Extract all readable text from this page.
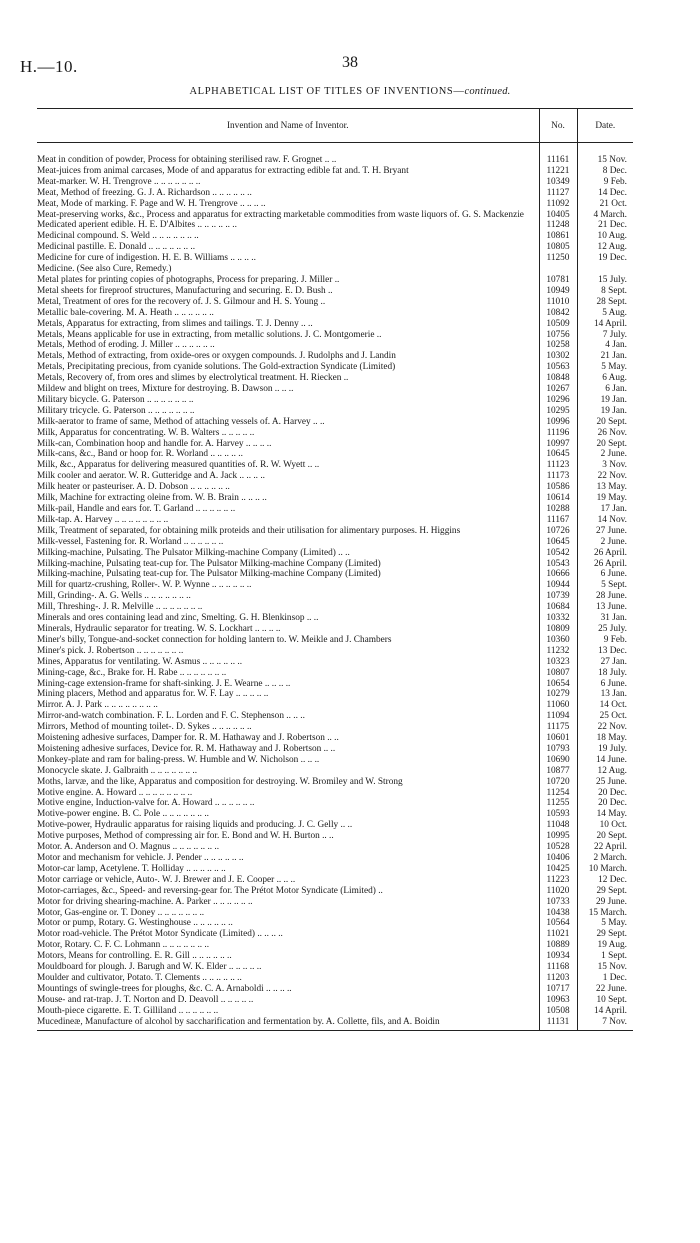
H.—10.	38
ALPHABETICAL LIST OF TITLES OF INVENTIONS—continued.
Invention and Name of Inventor.	No.	Date.

Meat in condition of powder, Process for obtaining sterilised raw. F. Grognet .. ..	11161	15 Nov.
Meat-juices from animal carcases, Mode of and apparatus for extracting edible fat and. T. H. Bryant	11221	8 Dec.
Meat-marker. W. H. Trengrove .. .. .. .. .. .. ..	10349	9 Feb.
Meat, Method of freezing. G. J. A. Richardson .. .. .. .. .. ..	11127	14 Dec.
Meat, Mode of marking. F. Page and W. H. Trengrove .. .. .. ..	11092	21 Oct.
Meat-preserving works, &c., Process and apparatus for extracting marketable commodities from waste liquors of. G. S. Mackenzie	10405	4 March.
Medicated aperient edible. H. E. D'Albites .. .. .. .. .. ..	11248	21 Dec.
Medicinal compound. S. Weld .. .. .. .. .. .. ..	10861	10 Aug.
Medicinal pastille. E. Donald .. .. .. .. .. .. ..	10805	12 Aug.
Medicine for cure of indigestion. H. E. B. Williams .. .. .. ..	11250	19 Dec.
Medicine. (See also Cure, Remedy.)		
Metal plates for printing copies of photographs, Process for preparing. J. Miller ..	10781	15 July.
Metal sheets for fireproof structures, Manufacturing and securing. E. D. Bush ..	10949	8 Sept.
Metal, Treatment of ores for the recovery of. J. S. Gilmour and H. S. Young ..	11010	28 Sept.
Metallic bale-covering. M. A. Heath .. .. .. .. .. ..	10842	5 Aug.
Metals, Apparatus for extracting, from slimes and tailings. T. J. Denny .. ..	10509	14 April.
Metals, Means applicable for use in extracting, from metallic solutions. J. C. Montgomerie ..	10756	7 July.
Metals, Method of eroding. J. Miller .. .. .. .. .. ..	10258	4 Jan.
Metals, Method of extracting, from oxide-ores or oxygen compounds. J. Rudolphs and J. Landin	10302	21 Jan.
Metals, Precipitating precious, from cyanide solutions. The Gold-extraction Syndicate (Limited)	10563	5 May.
Metals, Recovery of, from ores and slimes by electrolytical treatment. H. Riecken ..	10848	6 Aug.
Mildew and blight on trees, Mixture for destroying. B. Dawson .. .. ..	10267	6 Jan.
Military bicycle. G. Paterson .. .. .. .. .. .. ..	10296	19 Jan.
Military tricycle. G. Paterson .. .. .. .. .. .. ..	10295	19 Jan.
Milk-aerator to frame of same, Method of attaching vessels of. A. Harvey .. ..	10996	20 Sept.
Milk, Apparatus for concentrating. W. B. Walters .. .. .. .. ..	11196	26 Nov.
Milk-can, Combination hoop and handle for. A. Harvey .. .. .. ..	10997	20 Sept.
Milk-cans, &c., Band or hoop for. R. Worland .. .. .. .. ..	10645	2 June.
Milk, &c., Apparatus for delivering measured quantities of. R. W. Wyett .. ..	11123	3 Nov.
Milk cooler and aerator. W. R. Gutteridge and A. Jack .. .. .. ..	11173	22 Nov.
Milk heater or pasteuriser. A. D. Dobson .. .. .. .. .. ..	10586	13 May.
Milk, Machine for extracting oleine from. W. B. Brain .. .. .. ..	10614	19 May.
Milk-pail, Handle and ears for. T. Garland .. .. .. .. .. ..	10288	17 Jan.
Milk-tap. A. Harvey .. .. .. .. .. .. .. ..	11167	14 Nov.
Milk, Treatment of separated, for obtaining milk proteids and their utilisation for alimentary purposes. H. Higgins	10726	27 June.
Milk-vessel, Fastening for. R. Worland .. .. .. .. .. ..	10645	2 June.
Milking-machine, Pulsating. The Pulsator Milking-machine Company (Limited) .. ..	10542	26 April.
Milking-machine, Pulsating teat-cup for. The Pulsator Milking-machine Company (Limited)	10543	26 April.
Milking-machine, Pulsating teat-cup for. The Pulsator Milking-machine Company (Limited)	10666	6 June.
Mill for quartz-crushing, Roller-. W. P. Wynne .. .. .. .. .. ..	10944	5 Sept.
Mill, Grinding-. A. G. Wells .. .. .. .. .. .. ..	10739	28 June.
Mill, Threshing-. J. R. Melville .. .. .. .. .. .. ..	10684	13 June.
Minerals and ores containing lead and zinc, Smelting. G. H. Blenkinsop .. ..	10332	31 Jan.
Minerals, Hydraulic separator for treating. W. S. Lockhart .. .. .. ..	10809	25 July.
Miner's billy, Tongue-and-socket connection for holding lantern to. W. Meikle and J. Chambers	10360	9 Feb.
Miner's pick. J. Robertson .. .. .. .. .. .. ..	11232	13 Dec.
Mines, Apparatus for ventilating. W. Asmus .. .. .. .. .. ..	10323	27 Jan.
Mining-cage, &c., Brake for. H. Rabe .. .. .. .. .. .. ..	10807	18 July.
Mining-cage extension-frame for shaft-sinking. J. E. Wearne .. .. .. ..	10654	6 June.
Mining placers, Method and apparatus for. W. F. Lay .. .. .. .. ..	10279	13 Jan.
Mirror. A. J. Park .. .. .. .. .. .. .. ..	11060	14 Oct.
Mirror-and-watch combination. F. L. Lorden and F. C. Stephenson .. .. ..	11094	25 Oct.
Mirrors, Method of mounting toilet-. D. Sykes .. .. .. .. .. ..	11175	22 Nov.
Moistening adhesive surfaces, Damper for. R. M. Hathaway and J. Robertson .. ..	10601	18 May.
Moistening adhesive surfaces, Device for. R. M. Hathaway and J. Robertson .. ..	10793	19 July.
Monkey-plate and ram for baling-press. W. Humble and W. Nicholson .. .. ..	10690	14 June.
Monocycle skate. J. Galbraith .. .. .. .. .. .. ..	10877	12 Aug.
Moths, larvæ, and the like, Apparatus and composition for destroying. W. Bromiley and W. Strong	10720	25 June.
Motive engine. A. Howard .. .. .. .. .. .. .. ..	11254	20 Dec.
Motive engine, Induction-valve for. A. Howard .. .. .. .. .. ..	11255	20 Dec.
Motive-power engine. B. C. Pole .. .. .. .. .. .. ..	10593	14 May.
Motive-power, Hydraulic apparatus for raising liquids and producing. J. C. Gelly .. ..	11048	10 Oct.
Motive purposes, Method of compressing air for. E. Bond and W. H. Burton .. ..	10995	20 Sept.
Motor. A. Anderson and O. Magnus .. .. .. .. .. .. ..	10528	22 April.
Motor and mechanism for vehicle. J. Pender .. .. .. .. .. ..	10406	2 March.
Motor-car lamp, Acetylene. T. Holliday .. .. .. .. .. ..	10425	10 March.
Motor carriage or vehicle, Auto-. W. J. Brewer and J. E. Cooper .. .. ..	11223	12 Dec.
Motor-carriages, &c., Speed- and reversing-gear for. The Prétot Motor Syndicate (Limited) ..	11020	29 Sept.
Motor for driving shearing-machine. A. Parker .. .. .. .. .. ..	10733	29 June.
Motor, Gas-engine or. T. Doney .. .. .. .. .. .. ..	10438	15 March.
Motor or pump, Rotary. G. Westinghouse .. .. .. .. .. ..	10564	5 May.
Motor road-vehicle. The Prétot Motor Syndicate (Limited) .. .. .. ..	11021	29 Sept.
Motor, Rotary. C. F. C. Lohmann .. .. .. .. .. .. ..	10889	19 Aug.
Motors, Means for controlling. E. R. Gill .. .. .. .. .. ..	10934	1 Sept.
Mouldboard for plough. J. Barugh and W. K. Elder .. .. .. .. ..	11168	15 Nov.
Moulder and cultivator, Potato. T. Clements .. .. .. .. .. ..	11203	1 Dec.
Mountings of swingle-trees for ploughs, &c. C. A. Arnaboldi .. .. .. ..	10717	22 June.
Mouse- and rat-trap. J. T. Norton and D. Deavoll .. .. .. .. ..	10963	10 Sept.
Mouth-piece cigarette. E. T. Gilliland .. .. .. .. .. ..	10508	14 April.
Mucedineæ, Manufacture of alcohol by saccharification and fermentation by. A. Collette, fils, and A. Boidin	11131	7 Nov.
